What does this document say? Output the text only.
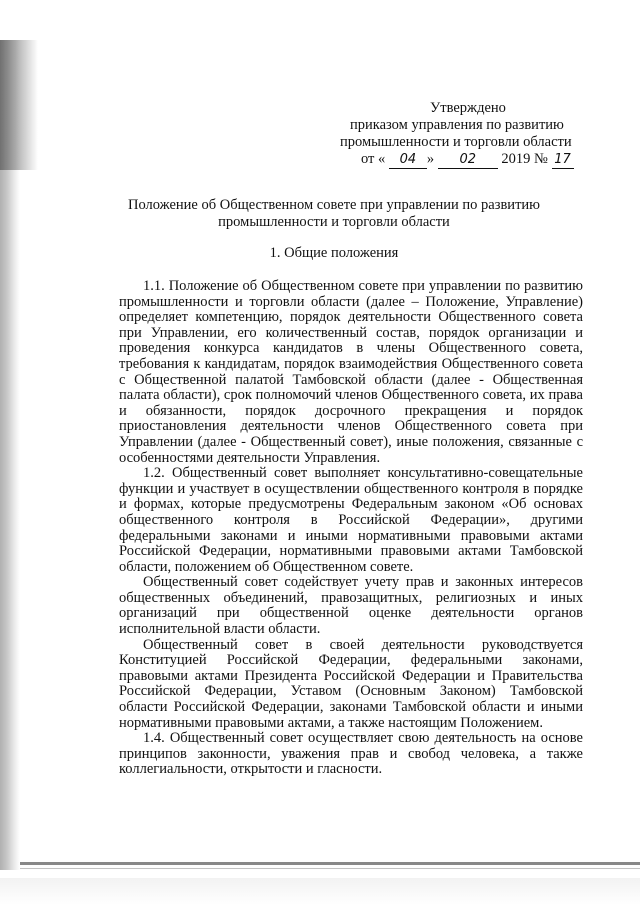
Утверждено
приказом управления по развитию
промышленности и торговли области
от « 04 » 02 2019 № 17
Положение об Общественном совете при управлении по развитию
промышленности и торговли области
1. Общие положения

1.1. Положение об Общественном совете при управлении по развитию промышленности и торговли области (далее – Положение, Управление) определяет компетенцию, порядок деятельности Общественного совета при Управлении, его количественный состав, порядок организации и проведения конкурса кандидатов в члены Общественного совета, требования к кандидатам, порядок взаимодействия Общественного совета с Общественной палатой Тамбовской области (далее - Общественная палата области), срок полномочий членов Общественного совета, их права и обязанности, порядок досрочного прекращения и порядок приостановления деятельности членов Общественного совета при Управлении (далее - Общественный совет), иные положения, связанные с особенностями деятельности Управления.

1.2. Общественный совет выполняет консультативно-совещательные функции и участвует в осуществлении общественного контроля в порядке и формах, которые предусмотрены Федеральным законом «Об основах общественного контроля в Российской Федерации», другими федеральными законами и иными нормативными правовыми актами Российской Федерации, нормативными правовыми актами Тамбовской области, положением об Общественном совете.

Общественный совет содействует учету прав и законных интересов общественных объединений, правозащитных, религиозных и иных организаций при общественной оценке деятельности органов исполнительной власти области.

Общественный совет в своей деятельности руководствуется Конституцией Российской Федерации, федеральными законами, правовыми актами Президента Российской Федерации и Правительства Российской Федерации, Уставом (Основным Законом) Тамбовской области Российской Федерации, законами Тамбовской области и иными нормативными правовыми актами, а также настоящим Положением.

1.4. Общественный совет осуществляет свою деятельность на основе принципов законности, уважения прав и свобод человека, а также коллегиальности, открытости и гласности.
